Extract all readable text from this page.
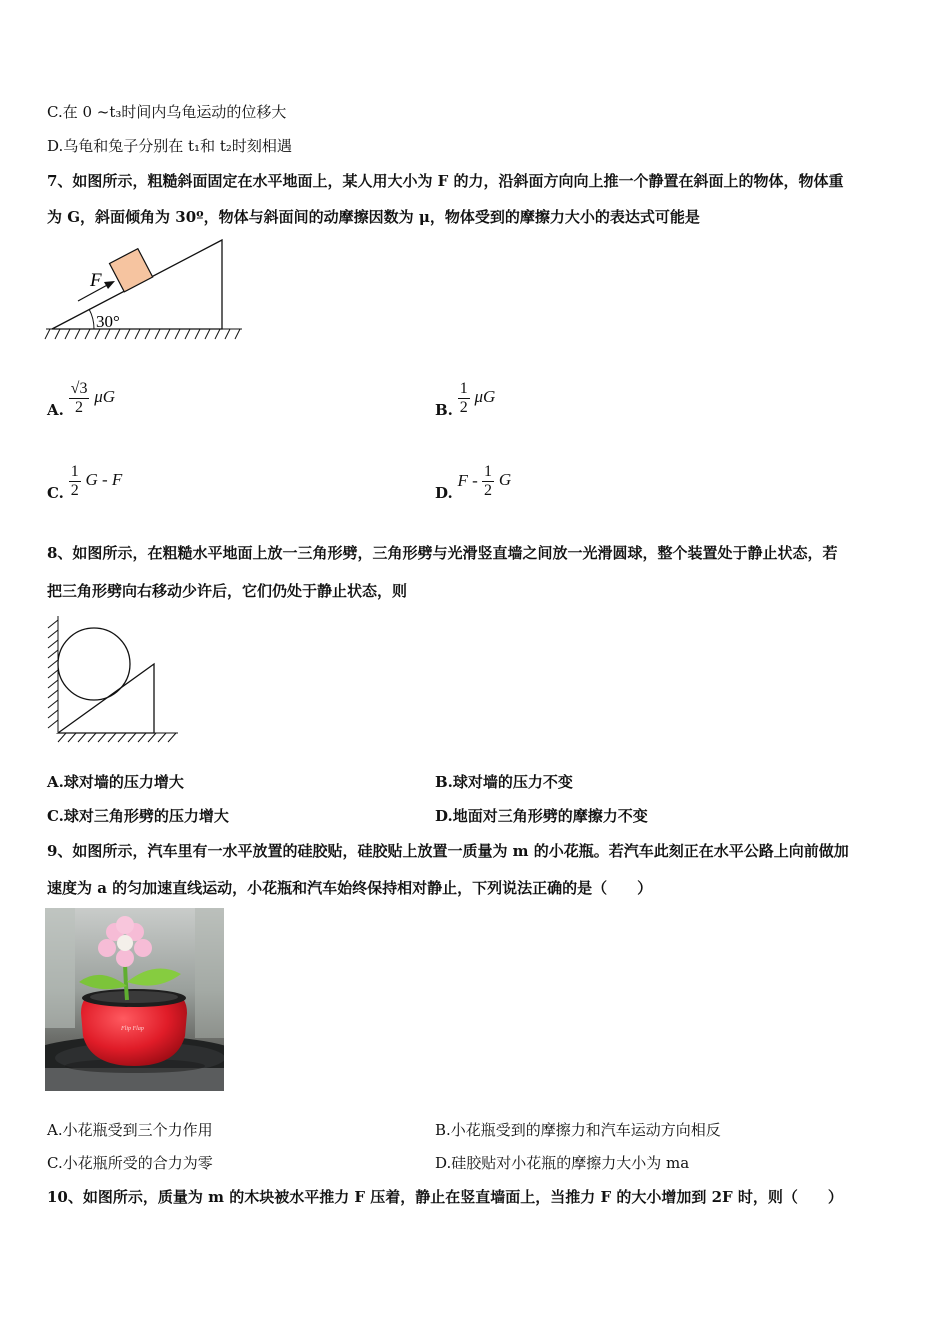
C.在 0 ~t₃时间内乌龟运动的位移大
D.乌龟和兔子分别在 t₁和 t₂时刻相遇
7、如图所示，粗糙斜面固定在水平地面上，某人用大小为 F 的力，沿斜面方向向上推一个静置在斜面上的物体，物体重
为 G，斜面倾角为 30º，物体与斜面间的动摩擦因数为 μ，物体受到的摩擦力大小的表达式可能是
30°
F
A. $\frac{√3}{2}$ μG
B. $\frac{1}{2}$ μG
C. $\frac{1}{2}$ G - F
D. F - $\frac{1}{2}$ G
8、如图所示，在粗糙水平地面上放一三角形劈，三角形劈与光滑竖直墙之间放一光滑圆球，整个装置处于静止状态，若
把三角形劈向右移动少许后，它们仍处于静止状态，则
A.球对墙的压力增大	B.球对墙的压力不变
C.球对三角形劈的压力增大	D.地面对三角形劈的摩擦力不变
9、如图所示，汽车里有一水平放置的硅胶贴，硅胶贴上放置一质量为 m 的小花瓶。若汽车此刻正在水平公路上向前做加
速度为 a 的匀加速直线运动，小花瓶和汽车始终保持相对静止，下列说法正确的是（　　）
Flip Flap
A.小花瓶受到三个力作用	B.小花瓶受到的摩擦力和汽车运动方向相反
C.小花瓶所受的合力为零	D.硅胶贴对小花瓶的摩擦力大小为 ma
10、如图所示，质量为 m 的木块被水平推力 F 压着，静止在竖直墙面上，当推力 F 的大小增加到 2F 时，则（　　）
